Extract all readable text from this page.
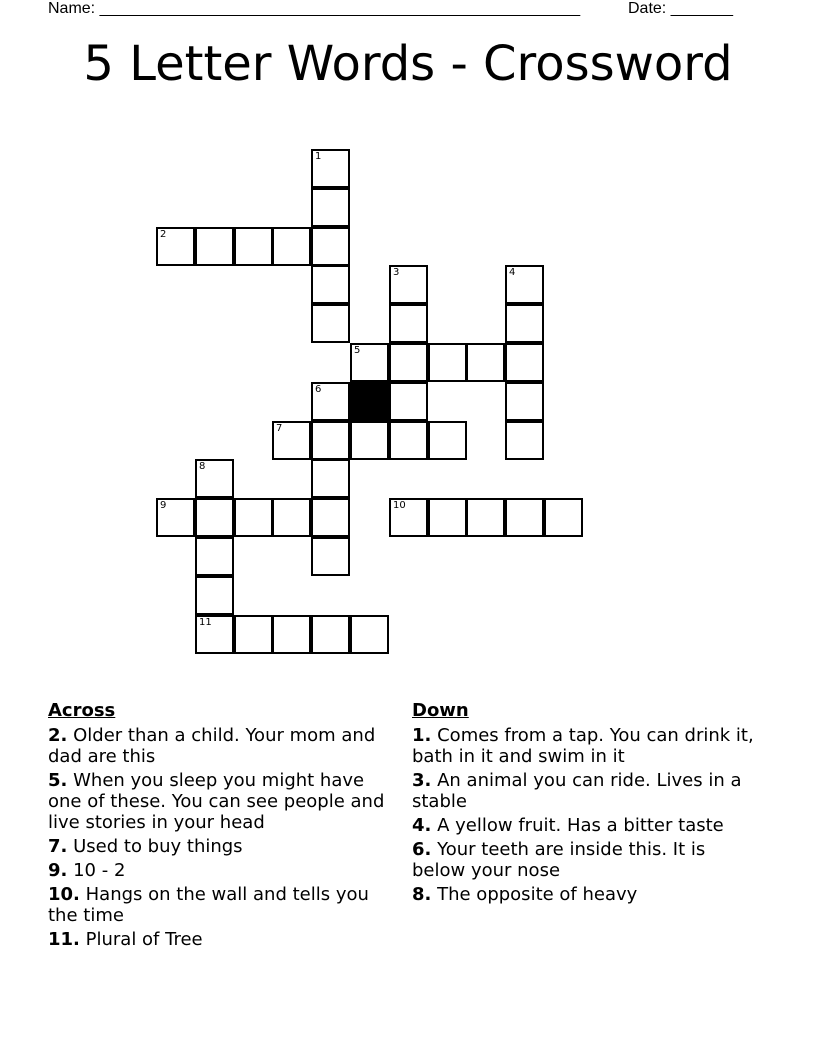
Name: ______________________________________________________	Date: _______
5 Letter Words - Crossword
1
2
3	4
5
6
7
8
9	10
11
Across
2. Older than a child. Your mom and dad are this
5. When you sleep you might have one of these. You can see people and live stories in your head
7. Used to buy things
9. 10 - 2
10. Hangs on the wall and tells you the time
11. Plural of Tree
Down
1. Comes from a tap. You can drink it, bath in it and swim in it
3. An animal you can ride. Lives in a stable
4. A yellow fruit. Has a bitter taste
6. Your teeth are inside this. It is below your nose
8. The opposite of heavy
